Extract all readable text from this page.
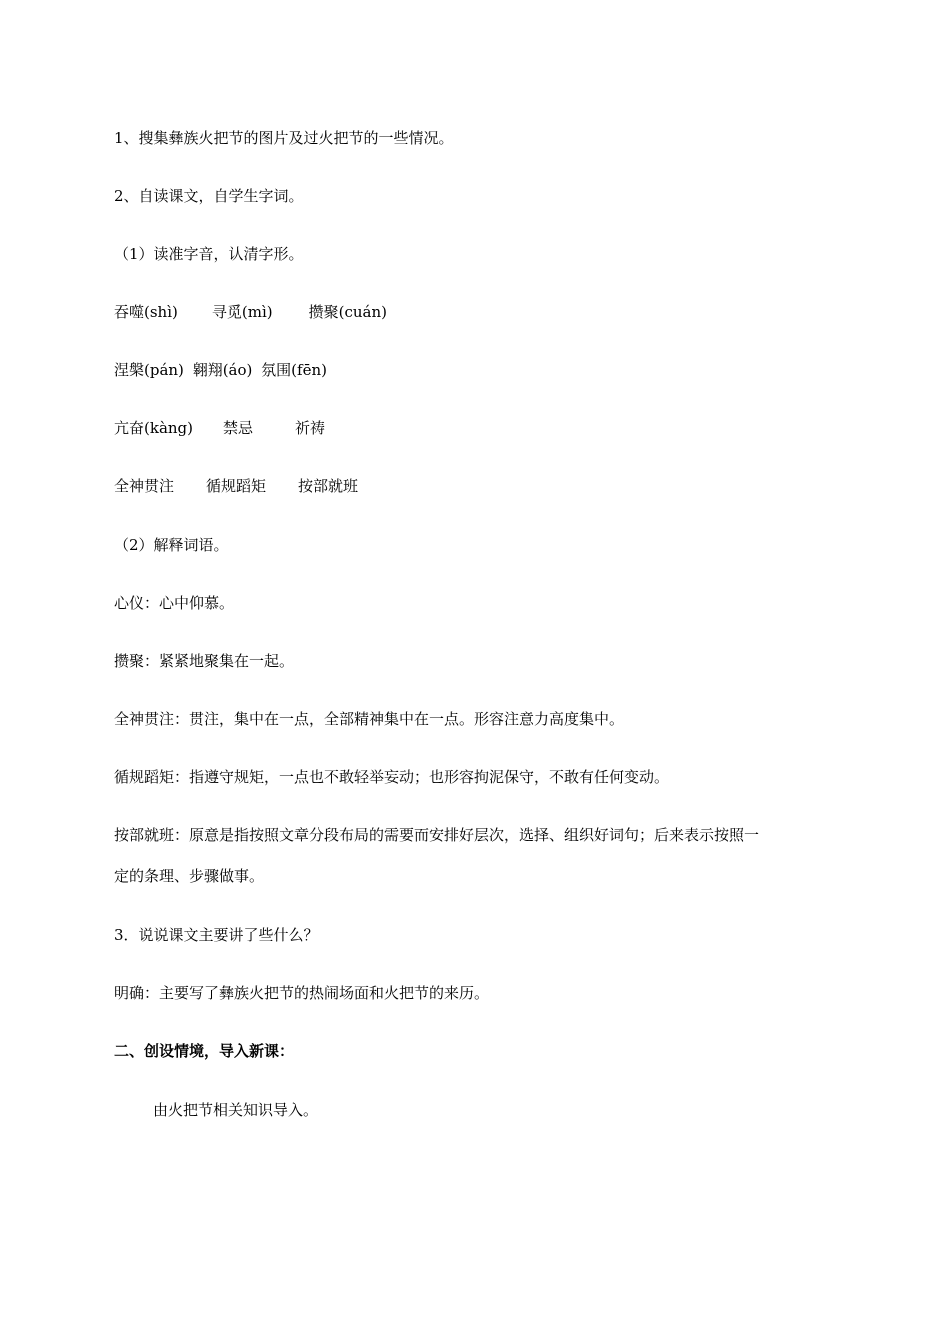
1、搜集彝族火把节的图片及过火把节的一些情况。
2、自读课文，自学生字词。
（1）读准字音，认清字形。
吞噬(shì) 寻觅(mì) 攒聚(cuán)
涅槃(pán) 翱翔(áo) 氛围(fēn)
亢奋(kàng) 禁忌	祈祷
全神贯注 循规蹈矩 按部就班
（2）解释词语。
心仪：心中仰慕。
攒聚：紧紧地聚集在一起。
全神贯注：贯注，集中在一点，全部精神集中在一点。形容注意力高度集中。
循规蹈矩：指遵守规矩，一点也不敢轻举妄动；也形容拘泥保守，不敢有任何变动。
按部就班：原意是指按照文章分段布局的需要而安排好层次，选择、组织好词句；后来表示按照一
定的条理、步骤做事。
3．说说课文主要讲了些什么？
明确：主要写了彝族火把节的热闹场面和火把节的来历。
二、创设情境，导入新课：
由火把节相关知识导入。
